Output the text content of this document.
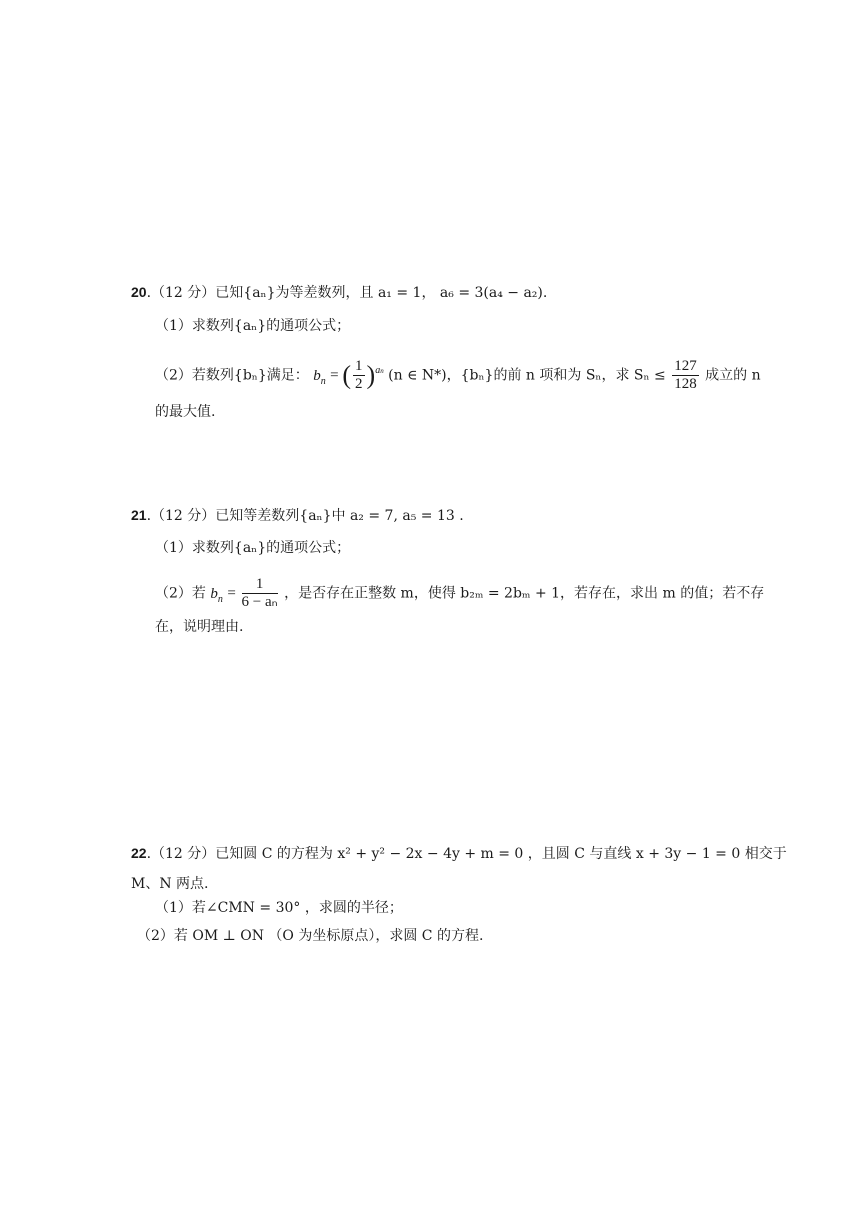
20.（12 分）已知{aₙ}为等差数列，且 a₁ = 1， a₆ = 3(a₄ − a₂).
（1）求数列{aₙ}的通项公式；
（2）若数列{bₙ}满足： $b_n$ = ( $\frac{1}{2} )^{an}$ (n ∈ N*)，{bₙ}的前 n 项和为 Sₙ，求 $S_n \le \frac{127}{128}$ 成立的 n
的最大值.
21.（12 分）已知等差数列{aₙ}中 a₂ = 7, a₅ = 13 .
（1）求数列{aₙ}的通项公式；
（2）若 $b_n = \frac{1}{\text{6 − aₙ}}$ ，是否存在正整数 m，使得 b₂ₘ = 2bₘ + 1，若存在，求出 m 的值；若不存
在，说明理由.
22.（12 分）已知圆 C 的方程为 x² + y² − 2x − 4y + m = 0 ，且圆 C 与直线 x + 3y − 1 = 0 相交于
M、N 两点.
（1）若∠CMN = 30° ，求圆的半径；
（2）若 OM ⊥ ON （O 为坐标原点），求圆 C 的方程.
